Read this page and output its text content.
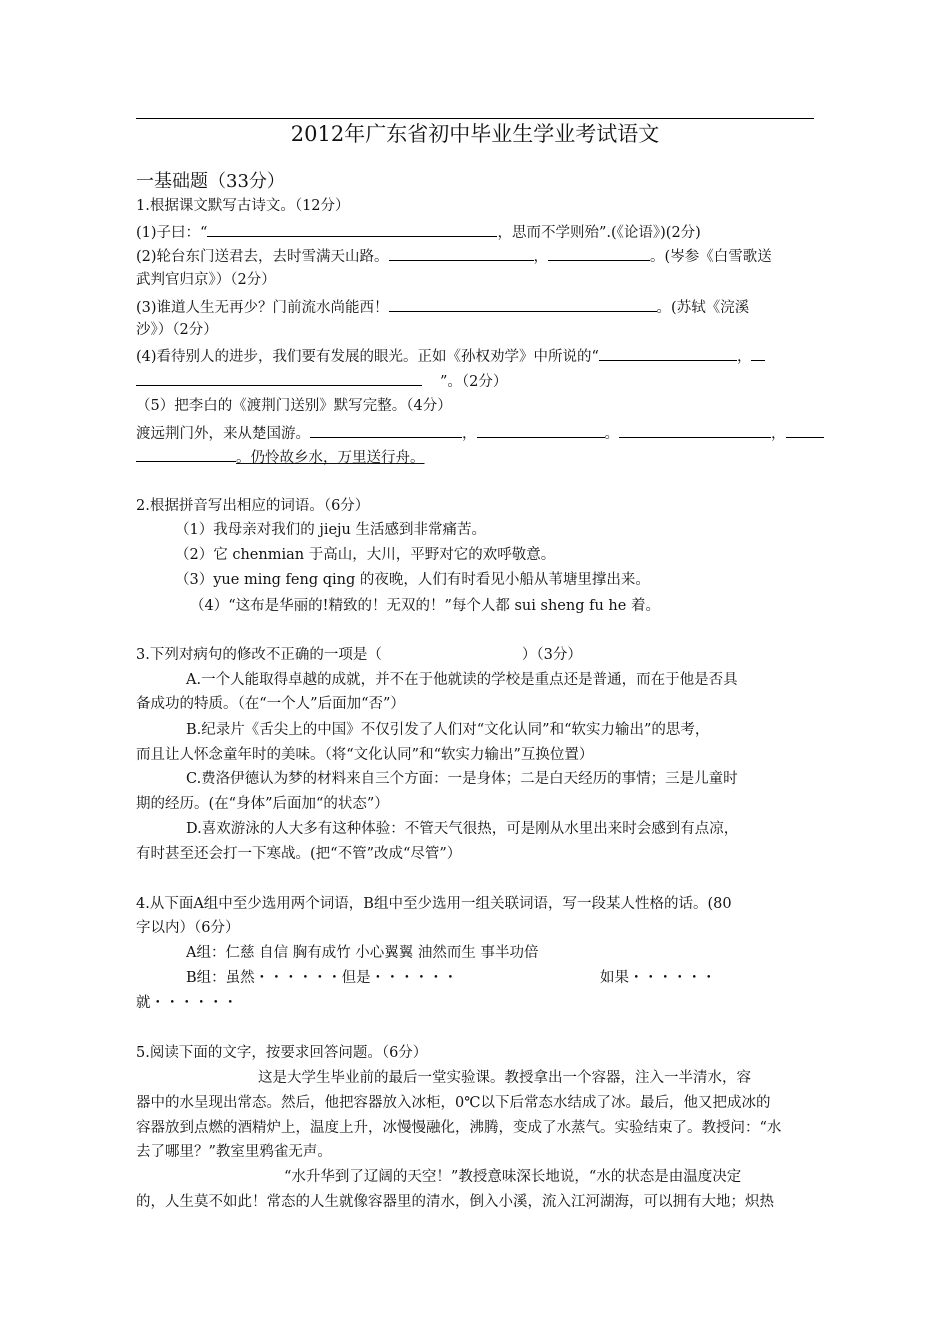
2012年广东省初中毕业生学业考试语文
一基础题（33分）
1.根据课文默写古诗文。（12分）
(1)子曰：“	，思而不学则殆”.(《论语》)(2分)
(2)轮台东门送君去，去时雪满天山路。	，	。(岑参《白雪歌送
武判官归京》）（2分）
(3)谁道人生无再少？门前流水尚能西！	。(苏轼《浣溪
沙》）（2分）
(4)看待别人的进步，我们要有发展的眼光。正如《孙权劝学》中所说的“	，
”。（2分）
（5）把李白的《渡荆门送别》默写完整。（4分）
渡远荆门外，来从楚国游。	，	。	，
。仍怜故乡水，万里送行舟。
2.根据拼音写出相应的词语。（6分）
（1）我母亲对我们的 jieju 生活感到非常痛苦。
（2）它 chenmian 于高山，大川，平野对它的欢呼敬意。
（3）yue ming feng qing 的夜晚，人们有时看见小船从苇塘里撑出来。
（4）“这布是华丽的!精致的！无双的！”每个人都 sui sheng fu he 着。
3.下列对病句的修改不正确的一项是（	）（3分）
A.一个人能取得卓越的成就，并不在于他就读的学校是重点还是普通，而在于他是否具
备成功的特质。（在“一个人”后面加“否”）
B.纪录片《舌尖上的中国》不仅引发了人们对“文化认同”和“软实力输出”的思考，
而且让人怀念童年时的美味。（将“文化认同”和“软实力输出”互换位置）
C.费洛伊德认为梦的材料来自三个方面：一是身体；二是白天经历的事情；三是儿童时
期的经历。(在“身体”后面加“的状态”）
D.喜欢游泳的人大多有这种体验：不管天气很热，可是刚从水里出来时会感到有点凉，
有时甚至还会打一下寒战。(把“不管”改成“尽管”）
4.从下面A组中至少选用两个词语，B组中至少选用一组关联词语，写一段某人性格的话。(80
字以内）（6分）
A组：仁慈 自信 胸有成竹 小心翼翼 油然而生 事半功倍
B组：虽然・・・・・・但是・・・・・・	如果・・・・・・
就・・・・・・
5.阅读下面的文字，按要求回答问题。（6分）
这是大学生毕业前的最后一堂实验课。教授拿出一个容器，注入一半清水，容
器中的水呈现出常态。然后，他把容器放入冰柜，0℃以下后常态水结成了冰。最后，他又把成冰的
容器放到点燃的酒精炉上，温度上升，冰慢慢融化，沸腾，变成了水蒸气。实验结束了。教授问：“水
去了哪里？”教室里鸦雀无声。
“水升华到了辽阔的天空！”教授意味深长地说，“水的状态是由温度决定
的，人生莫不如此！常态的人生就像容器里的清水，倒入小溪，流入江河湖海，可以拥有大地；炽热
